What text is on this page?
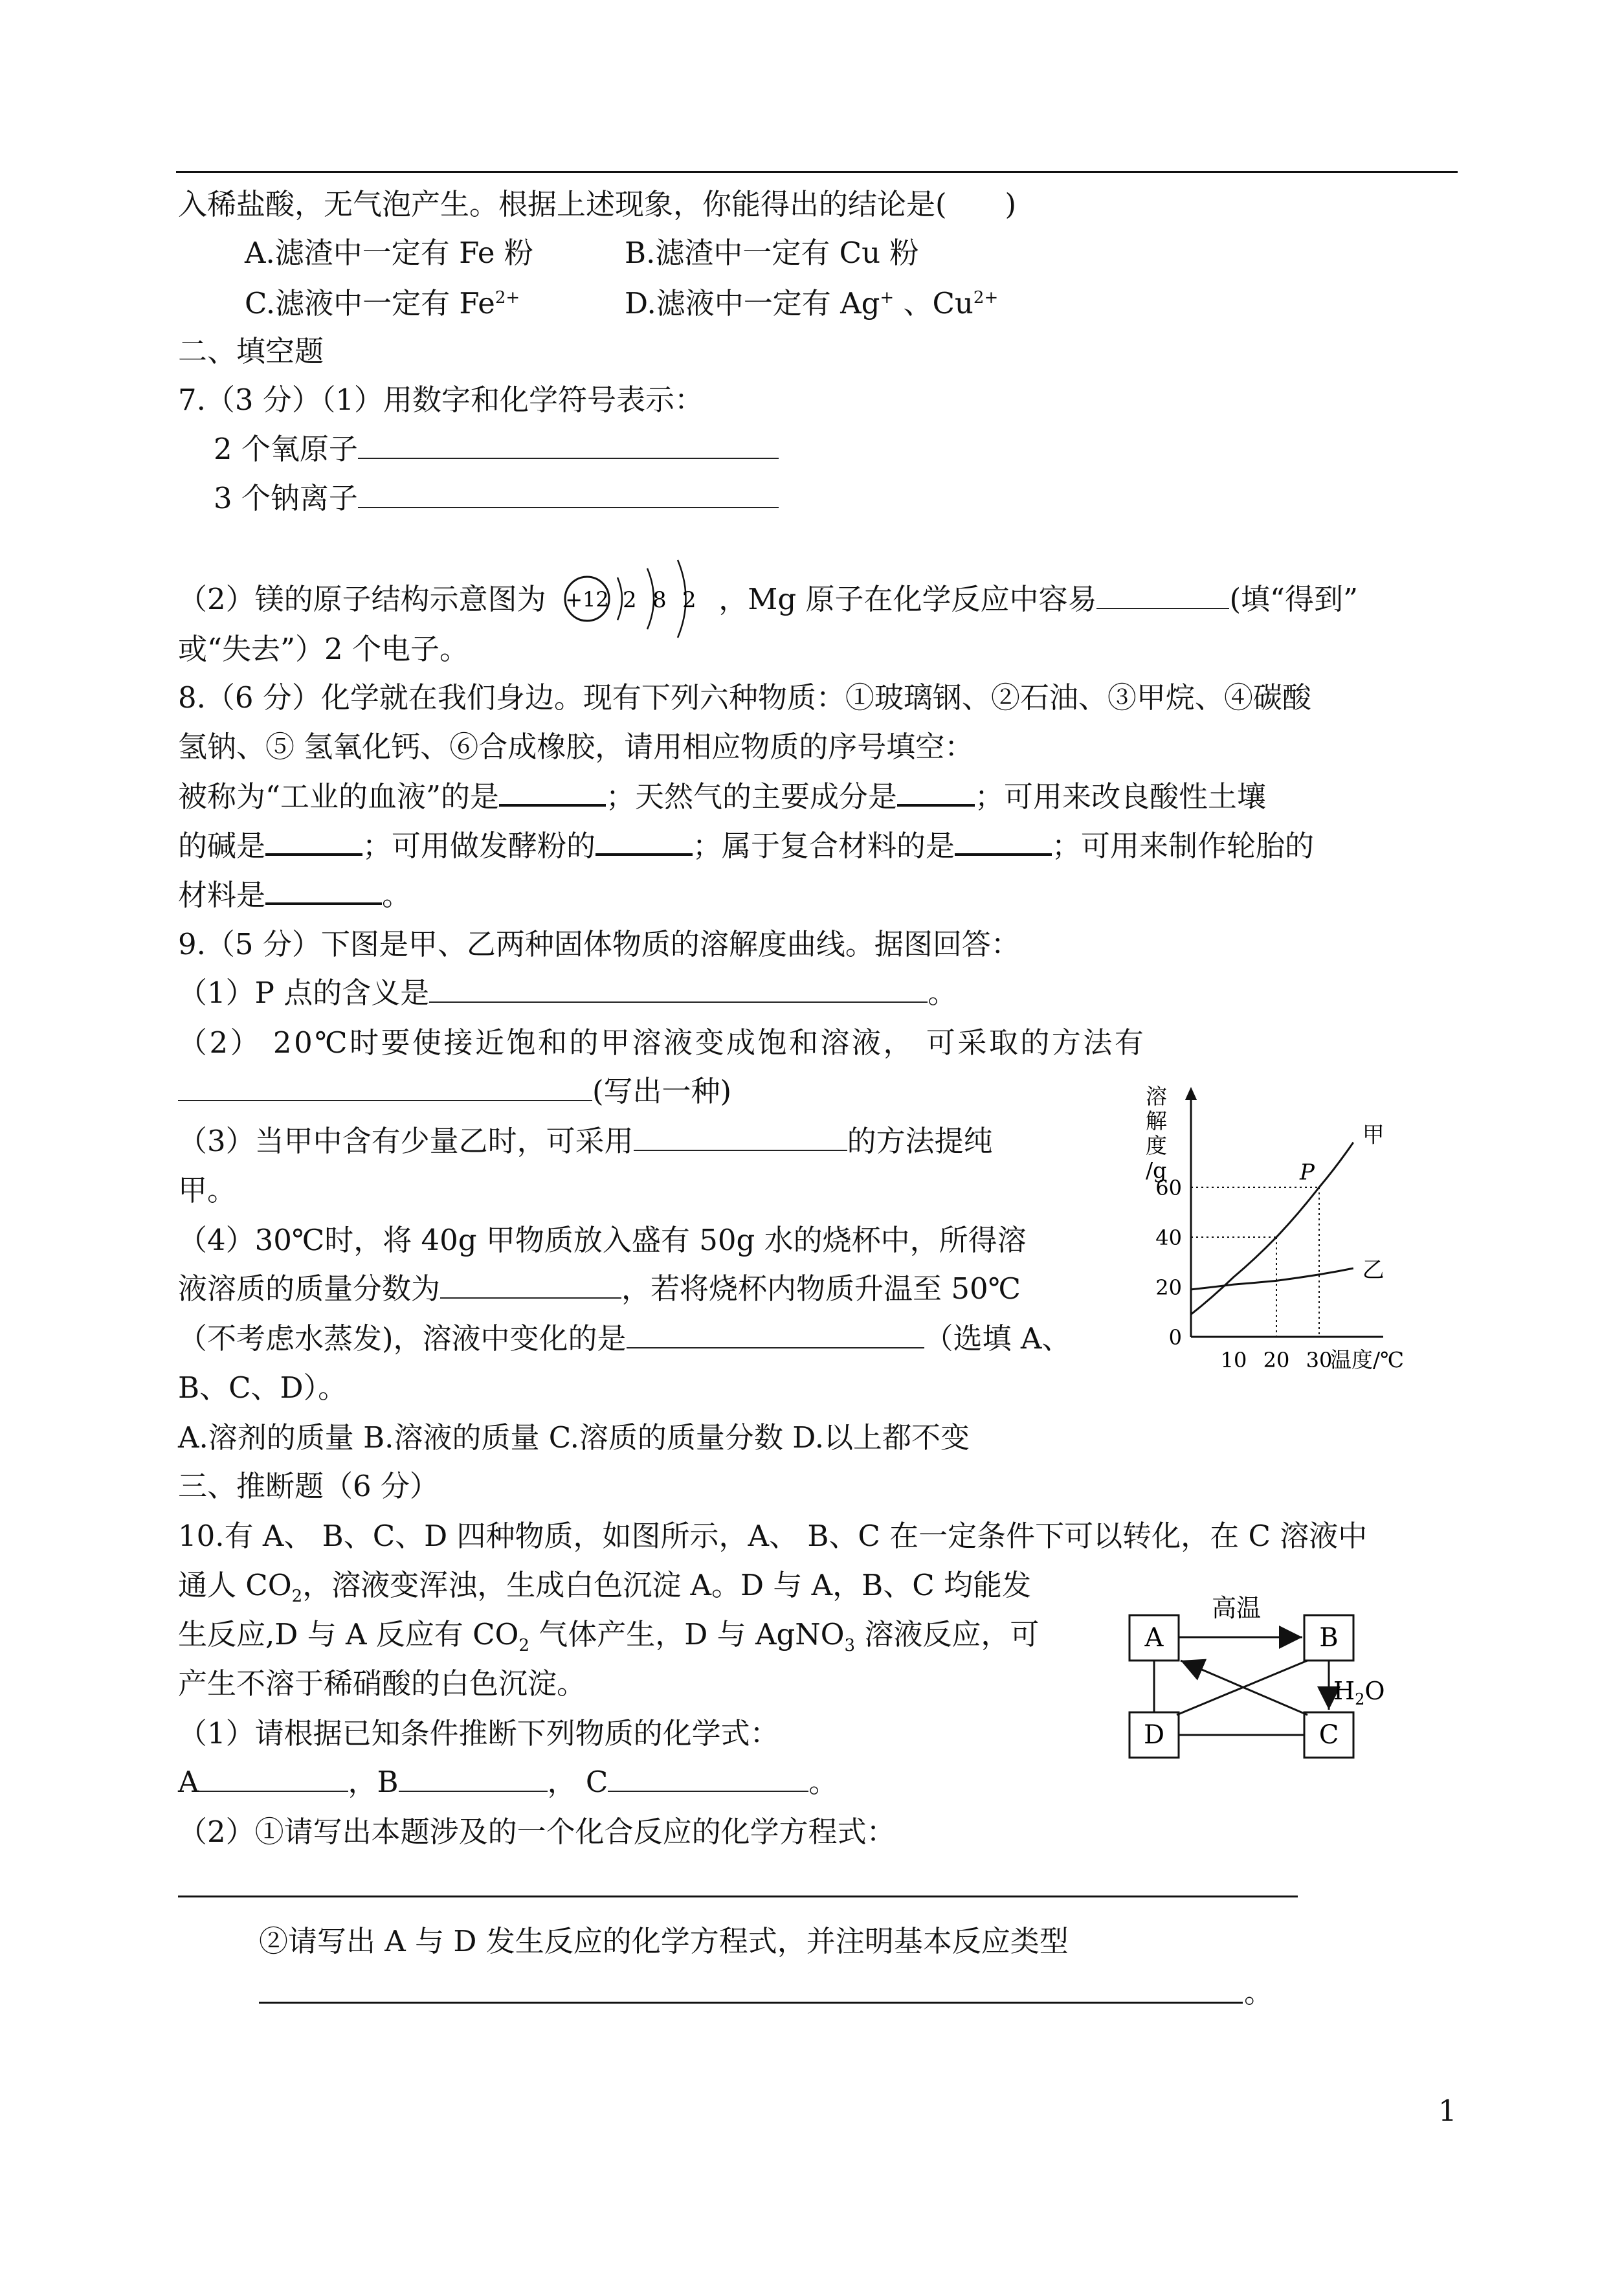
入稀盐酸，无气泡产生。根据上述现象，你能得出的结论是(　　)
A.滤渣中一定有 Fe 粉	B.滤渣中一定有 Cu 粉
C.滤液中一定有 $Fe^{2+}$	D.滤液中一定有 Ag+ 、$Cu^{2+}$
二、填空题
7.（3 分）（1）用数字和化学符号表示：
2 个氧原子
3 个钠离子
（2）镁的原子结构示意图为 +12 2 8 2 ，Mg 原子在化学反应中容易	(填“得到”
或“失去”）2 个电子。
8.（6 分）化学就在我们身边。现有下列六种物质：①玻璃钢、②石油、③甲烷、④碳酸
氢钠、⑤ 氢氧化钙、⑥合成橡胶，请用相应物质的序号填空：
被称为“工业的血液”的是	；天然气的主要成分是	；可用来改良酸性土壤
的碱是	；可用做发酵粉的	；属于复合材料的是	；可用来制作轮胎的
材料是	。
9.（5 分）下图是甲、乙两种固体物质的溶解度曲线。据图回答：
（1）P 点的含义是	。
（2） 20℃时要使接近饱和的甲溶液变成饱和溶液， 可采取的方法有
(写出一种)
（3）当甲中含有少量乙时，可采用	的方法提纯
甲。
（4）30℃时，将 40g 甲物质放入盛有 50g 水的烧杯中，所得溶
液溶质的质量分数为	，若将烧杯内物质升温至 50℃
（不考虑水蒸发)，溶液中变化的是	（选填 A、
B、C、D）。
A.溶剂的质量 B.溶液的质量 C.溶质的质量分数 D.以上都不变
溶解度/g
温度/℃
甲
乙
P
0
20
40
60
10 20 30
三、推断题（6 分）
10.有 A、 B、C、D 四种物质，如图所示，A、 B、C 在一定条件下可以转化，在 C 溶液中
通人 $CO_2$，溶液变浑浊，生成白色沉淀 A。D 与 A，B、C 均能发
生反应,D 与 A 反应有 $CO_2$ 气体产生，D 与 AgNO$_3$ 溶液反应，可
产生不溶于稀硝酸的白色沉淀。
（1）请根据已知条件推断下列物质的化学式：
A	，B	， C	。
（2）①请写出本题涉及的一个化合反应的化学方程式：
②请写出 A 与 D 发生反应的化学方程式，并注明基本反应类型
。
A	B
C
D
高温
$H_2O$
1
